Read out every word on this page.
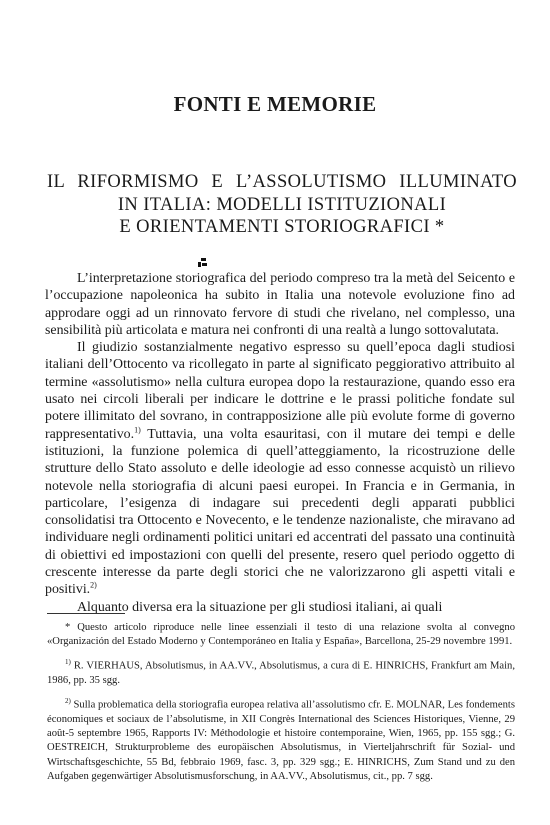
FONTI E MEMORIE
IL RIFORMISMO E L’ASSOLUTISMO ILLUMINATO
IN ITALIA: MODELLI ISTITUZIONALI
E ORIENTAMENTI STORIOGRAFICI *

L’interpretazione storiografica del periodo compreso tra la metà del Seicento e l’occupazione napoleonica ha subito in Italia una notevole evoluzione fino ad approdare oggi ad un rinnovato fervore di studi che rivelano, nel complesso, una sensibilità più articolata e matura nei confronti di una realtà a lungo sottovalutata.

Il giudizio sostanzialmente negativo espresso su quell’epoca dagli studiosi italiani dell’Ottocento va ricollegato in parte al significato peggiorativo attribuito al termine «assolutismo» nella cultura europea dopo la restaurazione, quando esso era usato nei circoli liberali per indicare le dottrine e le prassi politiche fondate sul potere illimitato del sovrano, in contrapposizione alle più evolute forme di governo rappresentativo.$^{1)}$ Tuttavia, una volta esauritasi, con il mutare dei tempi e delle istituzioni, la funzione polemica di quell’atteggiamento, la ricostruzione delle strutture dello Stato assoluto e delle ideologie ad esso connesse acquistò un rilievo notevole nella storiografia di alcuni paesi europei. In Francia e in Germania, in particolare, l’esigenza di indagare sui precedenti degli apparati pubblici consolidatisi tra Ottocento e Novecento, e le tendenze nazionaliste, che miravano ad individuare negli ordinamenti politici unitari ed accentrati del passato una continuità di obiettivi ed impostazioni con quelli del presente, resero quel periodo oggetto di crescente interesse da parte degli storici che ne valorizzarono gli aspetti vitali e positivi.$^{2)}$

Alquanto diversa era la situazione per gli studiosi italiani, ai quali

* Questo articolo riproduce nelle linee essenziali il testo di una relazione svolta al convegno «Organización del Estado Moderno y Contemporáneo en Italia y España», Barcellona, 25-29 novembre 1991.

$^{1)}$ R. VIERHAUS, Absolutismus, in AA.VV., Absolutismus, a cura di E. HINRICHS, Frankfurt am Main, 1986, pp. 35 sgg.

$^{2)}$ Sulla problematica della storiografia europea relativa all’assolutismo cfr. E. MOLNAR, Les fondements économiques et sociaux de l’absolutisme, in XII Congrès International des Sciences Historiques, Vienne, 29 août-5 septembre 1965, Rapports IV: Méthodologie et histoire contemporaine, Wien, 1965, pp. 155 sgg.; G. OESTREICH, Strukturprobleme des europäischen Absolutismus, in Vierteljahrschrift für Sozial- und Wirtschaftsgeschichte, 55 Bd, febbraio 1969, fasc. 3, pp. 329 sgg.; E. HINRICHS, Zum Stand und zu den Aufgaben gegenwärtiger Absolutismusforschung, in AA.VV., Absolutismus, cit., pp. 7 sgg.
